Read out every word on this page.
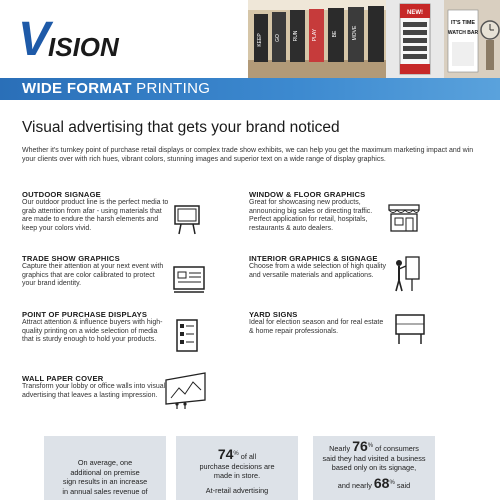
V ISION	KEEP GO RUN	PLAY	BE	MOVE
NEW!
IT'S TIME
WATCH BAR
WIDE FORMAT PRINTING
Visual advertising that gets your brand noticed
Whether it's turnkey point of purchase retail displays or complex trade show exhibits, we can help you get the maximum marketing impact and win your clients over with rich hues, vibrant colors, stunning images and superior text on a wide range of display graphics.
OUTDOOR SIGNAGE
Our outdoor product line is the perfect media to grab attention from afar - using materials that are made to endure the harsh elements and keep your colors vivid.
TRADE SHOW GRAPHICS
Capture their attention at your next event with graphics that are color calibrated to protect your brand identity.
POINT OF PURCHASE DISPLAYS
Attract attention & influence buyers with high-quality printing on a wide selection of media that is sturdy enough to hold your products.
WALL PAPER COVER
Transform your lobby or office walls into visual advertising that leaves a lasting impression.
WINDOW & FLOOR GRAPHICS
Great for showcasing new products, announcing big sales or directing traffic. Perfect application for retail, hospitals, restaurants & auto dealers.
INTERIOR GRAPHICS & SIGNAGE
Choose from a wide selection of high quality and versatile materials and applications.
YARD SIGNS
Ideal for election season and for real estate & home repair professionals.
On average, one
additional on premise
sign results in an increase
in annual sales revenue of
74% of all
purchase decisions are
made in store.
At-retail advertising
Nearly 76% of consumers
said they had visited a business
based only on its signage,
and nearly 68% said
